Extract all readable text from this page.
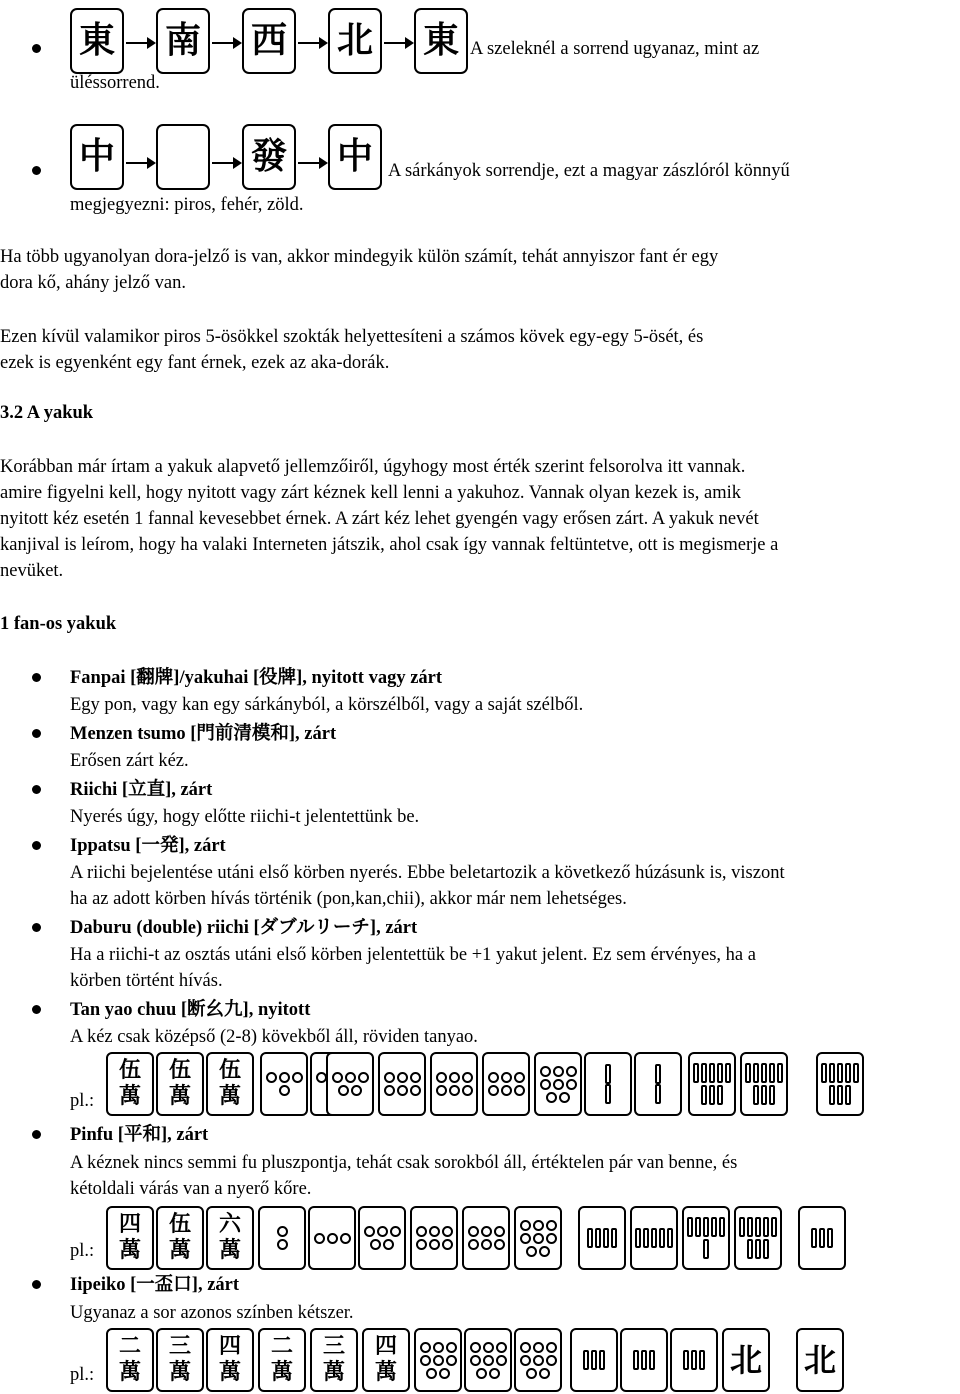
東 南 西 北 東 A szeleknél a sorrend ugyanaz, mint az
üléssorrend.
中	發 中 A sárkányok sorrendje, ezt a magyar zászlóról könnyű
megjegyezni: piros, fehér, zöld.
Ha több ugyanolyan dora-jelző is van, akkor mindegyik külön számít, tehát annyiszor fant ér egy
dora kő, ahány jelző van.
Ezen kívül valamikor piros 5-ösökkel szokták helyettesíteni a számos kövek egy-egy 5-ösét, és
ezek is egyenként egy fant érnek, ezek az aka-dorák.
3.2 A yakuk
Korábban már írtam a yakuk alapvető jellemzőiről, úgyhogy most érték szerint felsorolva itt vannak.
amire figyelni kell, hogy nyitott vagy zárt kéznek kell lenni a yakuhoz. Vannak olyan kezek is, amik
nyitott kéz esetén 1 fannal kevesebbet érnek. A zárt kéz lehet gyengén vagy erősen zárt. A yakuk nevét
kanjival is leírom, hogy ha valaki Interneten játszik, ahol csak így vannak feltüntetve, ott is megismerje a
nevüket.
1 fan-os yakuk
Fanpai [翻牌]/yakuhai [役牌], nyitott vagy zárt
Egy pon, vagy kan egy sárkányból, a körszélből, vagy a saját szélből.
Menzen tsumo [門前清模和], zárt
Erősen zárt kéz.
Riichi [立直], zárt
Nyerés úgy, hogy előtte riichi-t jelentettünk be.
Ippatsu [一発], zárt
A riichi bejelentése utáni első körben nyerés. Ebbe beletartozik a következő húzásunk is, viszont
ha az adott körben hívás történik (pon,kan,chii), akkor már nem lehetséges.
Daburu (double) riichi [ダブルリーチ], zárt
Ha a riichi-t az osztás utáni első körben jelentettük be +1 yakut jelent. Ez sem érvényes, ha a
körben történt hívás.
Tan yao chuu [断幺九], nyitott
A kéz csak középső (2-8) kövekből áll, röviden tanyao.
pl.:
伍
萬
伍
萬
伍
萬
Pinfu [平和], zárt
A kéznek nincs semmi fu pluszpontja, tehát csak sorokból áll, értéktelen pár van benne, és
kétoldali várás van a nyerő kőre.
pl.:
四
萬
伍
萬
六
萬
Iipeiko [一盃口], zárt
Ugyanaz a sor azonos színben kétszer.
pl.:
二
萬
三
萬
四
萬
二
萬
三
萬
四
萬	北 北
